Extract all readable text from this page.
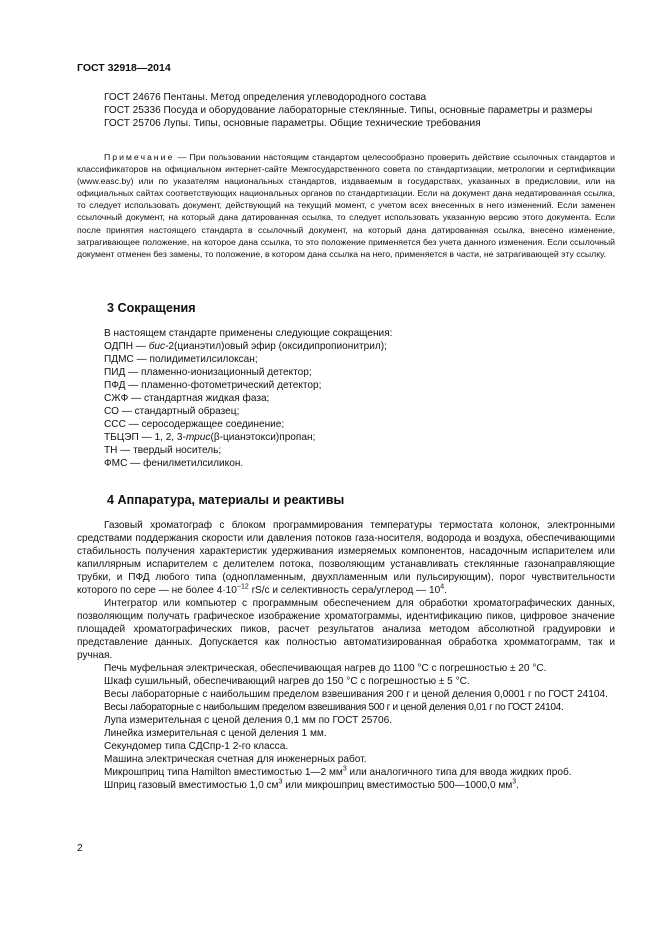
ГОСТ 32918—2014

ГОСТ 24676 Пентаны. Метод определения углеводородного состава

ГОСТ 25336 Посуда и оборудование лабораторные стеклянные. Типы, основные параметры и размеры

ГОСТ 25706 Лупы. Типы, основные параметры. Общие технические требования

Примечание — При пользовании настоящим стандартом целесообразно проверить действие ссылочных стандартов и классификаторов на официальном интернет-сайте Межгосударственного совета по стандартизации, метрологии и сертификации (www.easc.by) или по указателям национальных стандартов, издаваемым в государствах, указанных в предисловии, или на официальных сайтах соответствующих национальных органов по стандартизации. Если на документ дана недатированная ссылка, то следует использовать документ, действующий на текущий момент, с учетом всех внесенных в него изменений. Если заменен ссылочный документ, на который дана датированная ссылка, то следует использовать указанную версию этого документа. Если после принятия настоящего стандарта в ссылочный документ, на который дана датированная ссылка, внесено изменение, затрагивающее положение, на которое дана ссылка, то это положение применяется без учета данного изменения. Если ссылочный документ отменен без замены, то положение, в котором дана ссылка на него, применяется в части, не затрагивающей эту ссылку.

3 Сокращения

В настоящем стандарте применены следующие сокращения:

ОДПН — бис-2(цианэтил)овый эфир (оксидипропионитрил);

ПДМС — полидиметилсилоксан;

ПИД — пламенно-ионизационный детектор;

ПФД — пламенно-фотометрический детектор;

СЖФ — стандартная жидкая фаза;

СО — стандартный образец;

ССС — серосодержащее соединение;

ТБЦЭП — 1, 2, 3-трис(β-цианэтокси)пропан;

ТН — твердый носитель;

ФМС — фенилметилсиликон.

4 Аппаратура, материалы и реактивы

Газовый хроматограф с блоком программирования температуры термостата колонок, электронными средствами поддержания скорости или давления потоков газа-носителя, водорода и воздуха, обеспечивающими стабильность получения характеристик удерживания измеряемых компонентов, насадочным испарителем или капиллярным испарителем с делителем потока, позволяющим устанавливать стеклянные газонаправляющие трубки, и ПФД любого типа (однопламенным, двухпламенным или пульсирующим), порог чувствительности которого по сере — не более $4\cdot 10^{-12}$ rS/с и селективность сера/углерод — $10^4$.

Интегратор или компьютер с программным обеспечением для обработки хроматографических данных, позволяющим получать графическое изображение хроматограммы, идентификацию пиков, цифровое значение площадей хроматографических пиков, расчет результатов анализа методом абсолютной градуировки и представление данных. Допускается как полностью автоматизированная обработка хромматограмм, так и ручная.

Печь муфельная электрическая, обеспечивающая нагрев до 1100 °С с погрешностью ± 20 °С.

Шкаф сушильный, обеспечивающий нагрев до 150 °С с погрешностью ± 5 °С.

Весы лабораторные с наибольшим пределом взвешивания 200 г и ценой деления 0,0001 г по ГОСТ 24104.

Весы лабораторные с наибольшим пределом взвешивания 500 г и ценой деления 0,01 г по ГОСТ 24104.

Лупа измерительная с ценой деления 0,1 мм по ГОСТ 25706.

Линейка измерительная с ценой деления 1 мм.

Секундомер типа СДСпр-1 2-го класса.

Машина электрическая счетная для инженерных работ.

Микрошприц типа Hamilton вместимостью 1—2 $мм^3$ или аналогичного типа для ввода жидких проб.

Шприц газовый вместимостью 1,0 $см^3$ или микрошприц вместимостью 500—1000,0 $мм^3$.

2
